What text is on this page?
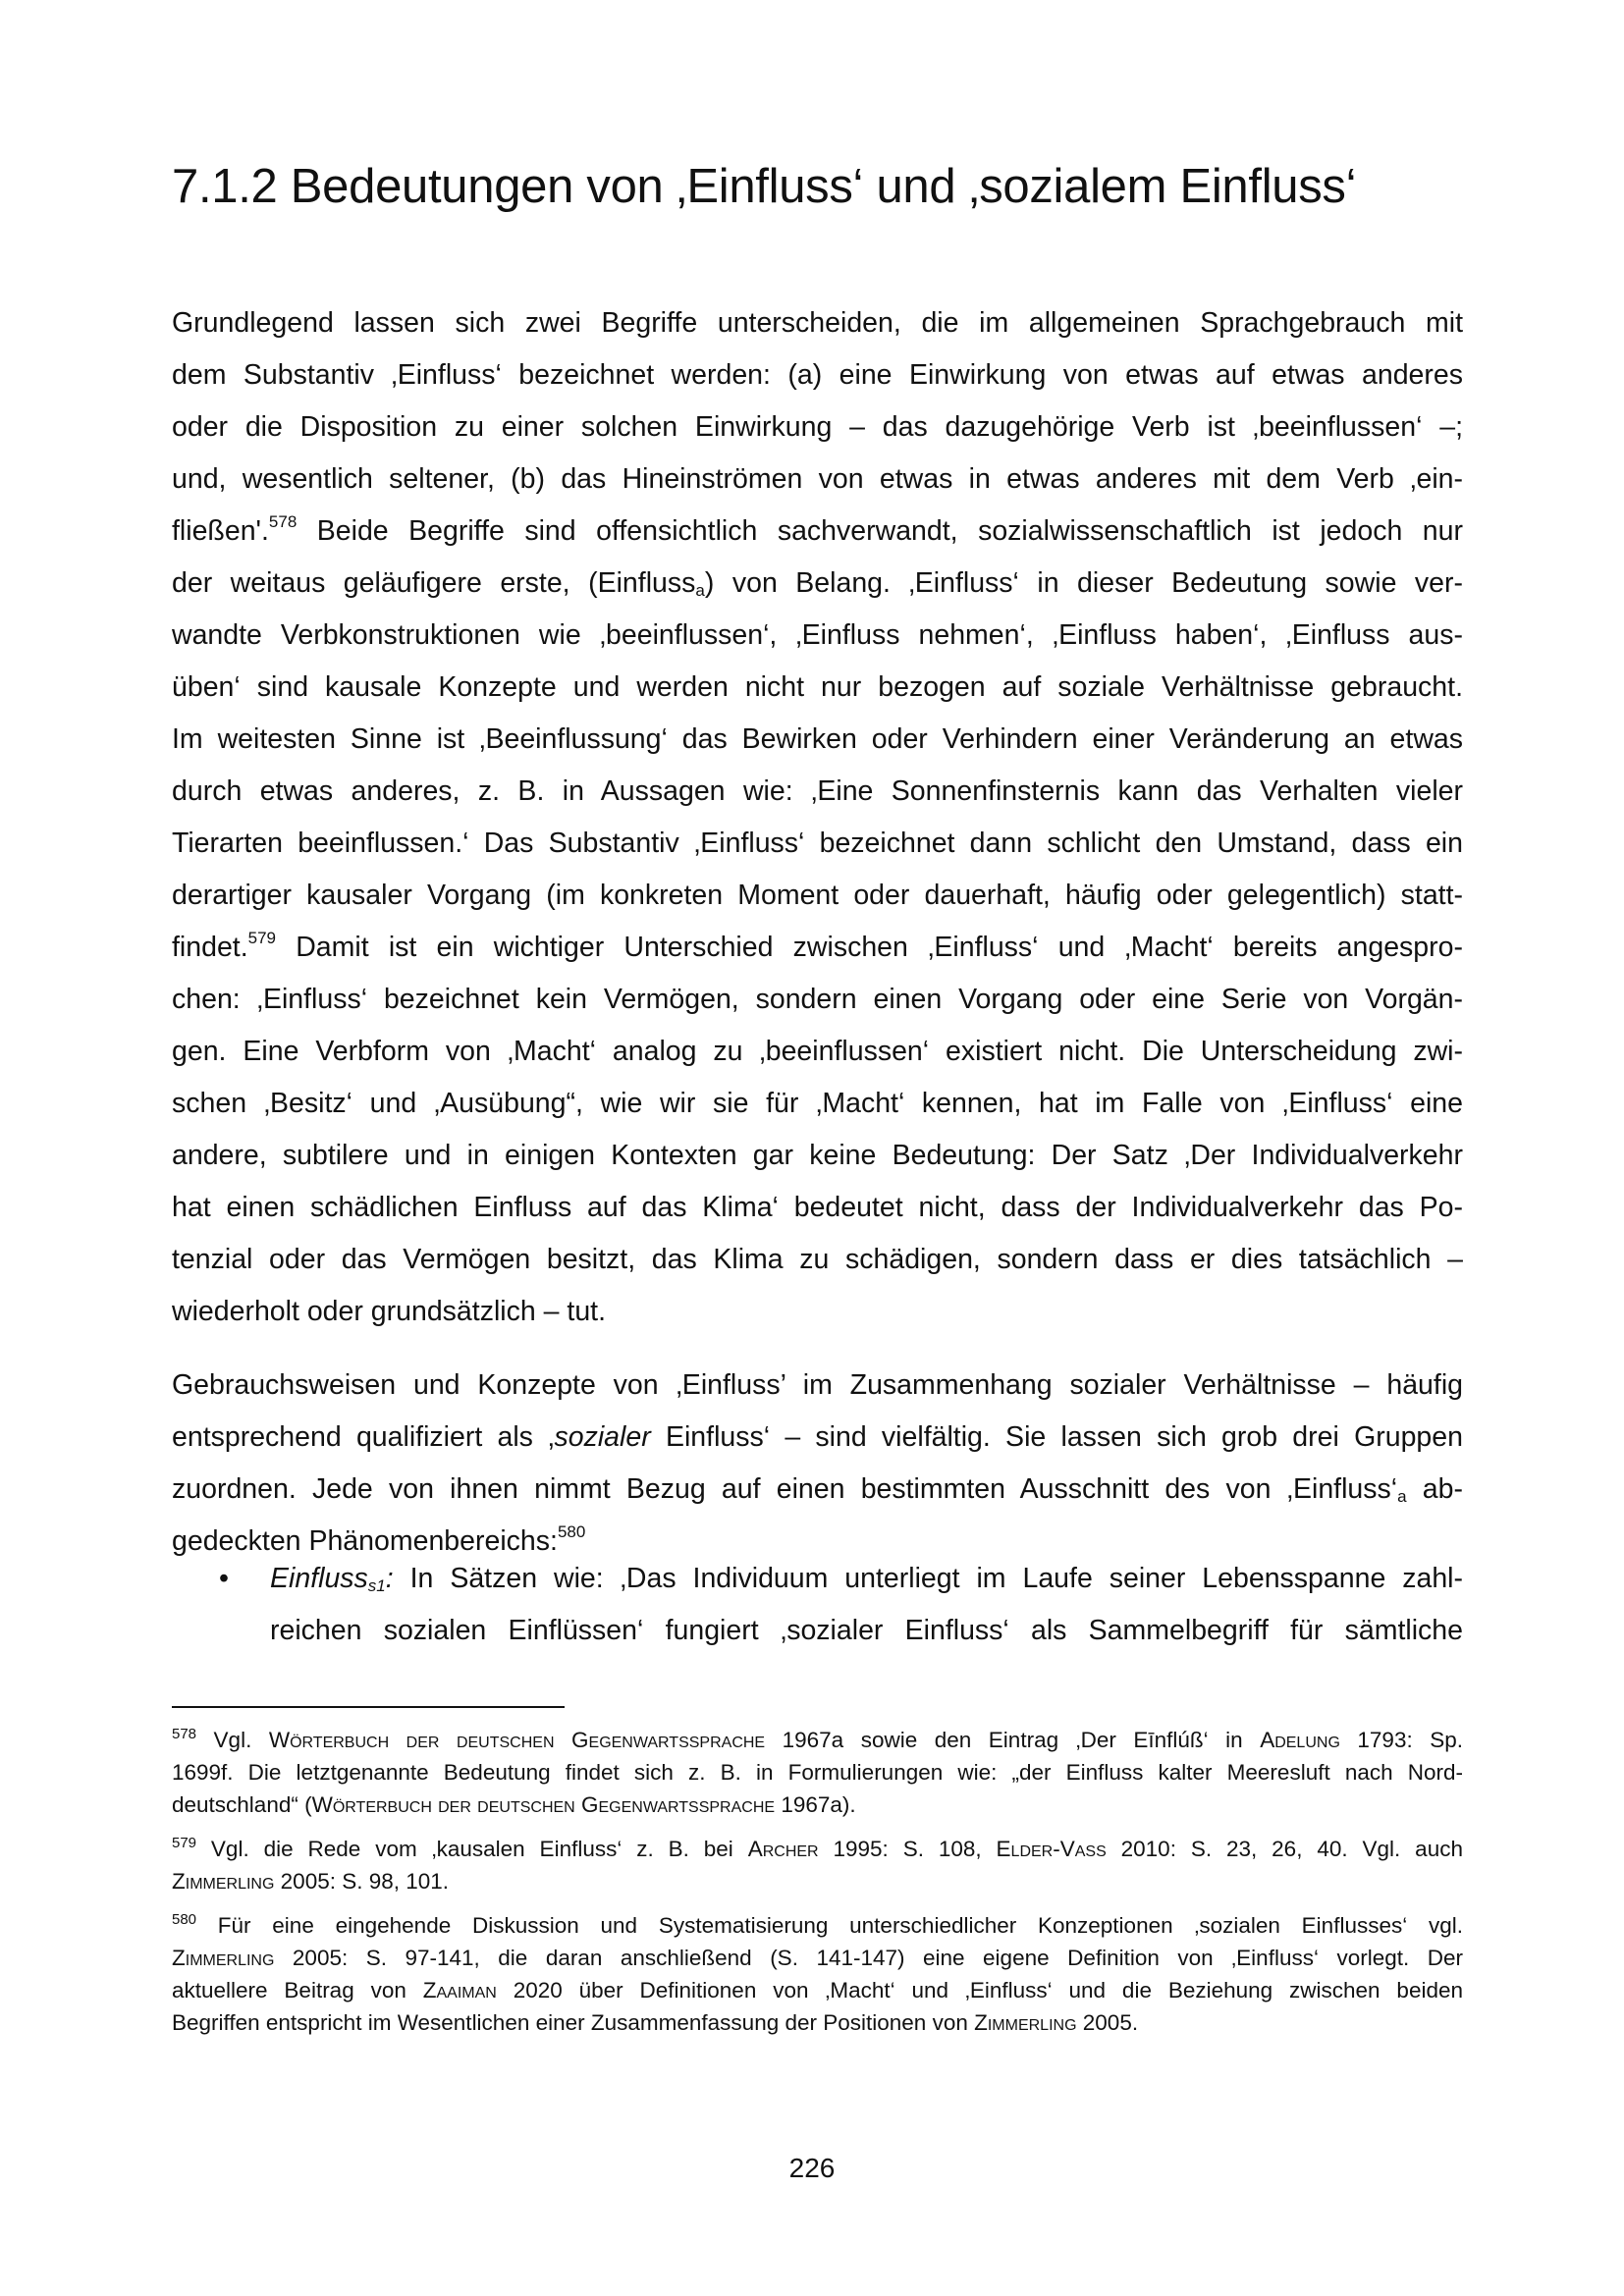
7.1.2 Bedeutungen von ‚Einfluss‘ und ‚sozialem Einfluss‘
Grundlegend lassen sich zwei Begriffe unterscheiden, die im allgemeinen Sprachgebrauch mit
dem Substantiv ‚Einfluss‘ bezeichnet werden: (a) eine Einwirkung von etwas auf etwas anderes
oder die Disposition zu einer solchen Einwirkung – das dazugehörige Verb ist ‚beeinflussen‘ –;
und, wesentlich seltener, (b) das Hineinströmen von etwas in etwas anderes mit dem Verb ‚ein-
fließen'.$^{578}$ Beide Begriffe sind offensichtlich sachverwandt, sozialwissenschaftlich ist jedoch nur
der weitaus geläufigere erste, (Einfluss$_a$) von Belang. ‚Einfluss‘ in dieser Bedeutung sowie ver-
wandte Verbkonstruktionen wie ‚beeinflussen‘, ‚Einfluss nehmen‘, ‚Einfluss haben‘, ‚Einfluss aus-
üben‘ sind kausale Konzepte und werden nicht nur bezogen auf soziale Verhältnisse gebraucht.
Im weitesten Sinne ist ‚Beeinflussung‘ das Bewirken oder Verhindern einer Veränderung an etwas
durch etwas anderes, z. B. in Aussagen wie: ‚Eine Sonnenfinsternis kann das Verhalten vieler
Tierarten beeinflussen.‘ Das Substantiv ‚Einfluss‘ bezeichnet dann schlicht den Umstand, dass ein
derartiger kausaler Vorgang (im konkreten Moment oder dauerhaft, häufig oder gelegentlich) statt-
findet.$^{579}$ Damit ist ein wichtiger Unterschied zwischen ‚Einfluss‘ und ‚Macht‘ bereits angespro-
chen: ‚Einfluss‘ bezeichnet kein Vermögen, sondern einen Vorgang oder eine Serie von Vorgän-
gen. Eine Verbform von ‚Macht‘ analog zu ‚beeinflussen‘ existiert nicht. Die Unterscheidung zwi-
schen ‚Besitz‘ und ‚Ausübung“, wie wir sie für ‚Macht‘ kennen, hat im Falle von ‚Einfluss‘ eine
andere, subtilere und in einigen Kontexten gar keine Bedeutung: Der Satz ‚Der Individualverkehr
hat einen schädlichen Einfluss auf das Klima‘ bedeutet nicht, dass der Individualverkehr das Po-
tenzial oder das Vermögen besitzt, das Klima zu schädigen, sondern dass er dies tatsächlich –
wiederholt oder grundsätzlich – tut.
Gebrauchsweisen und Konzepte von ‚Einfluss’ im Zusammenhang sozialer Verhältnisse – häufig
entsprechend qualifiziert als ‚sozialer Einfluss‘ – sind vielfältig. Sie lassen sich grob drei Gruppen
zuordnen. Jede von ihnen nimmt Bezug auf einen bestimmten Ausschnitt des von $‚Einfluss‘_a$ ab-
gedeckten Phänomenbereichs:$^{580}$
• Einfluss$_{s1}$: In Sätzen wie: ‚Das Individuum unterliegt im Laufe seiner Lebensspanne zahl-
reichen sozialen Einflüssen‘ fungiert ‚sozialer Einfluss‘ als Sammelbegriff für sämtliche
$^{578}$ Vgl. Wörterbuch der deutschen Gegenwartssprache 1967a sowie den Eintrag ‚Der Eīnflúß‘ in Adelung 1793: Sp.
1699f. Die letztgenannte Bedeutung findet sich z. B. in Formulierungen wie: „der Einfluss kalter Meeresluft nach Nord-
deutschland“ (Wörterbuch der deutschen Gegenwartssprache 1967a).
$^{579}$ Vgl. die Rede vom ‚kausalen Einfluss‘ z. B. bei Archer 1995: S. 108, Elder-Vass 2010: S. 23, 26, 40. Vgl. auch
Zimmerling 2005: S. 98, 101.
$^{580}$ Für eine eingehende Diskussion und Systematisierung unterschiedlicher Konzeptionen ‚sozialen Einflusses‘ vgl.
Zimmerling 2005: S. 97-141, die daran anschließend (S. 141-147) eine eigene Definition von ‚Einfluss‘ vorlegt. Der
aktuellere Beitrag von Zaaiman 2020 über Definitionen von ‚Macht‘ und ‚Einfluss‘ und die Beziehung zwischen beiden
Begriffen entspricht im Wesentlichen einer Zusammenfassung der Positionen von Zimmerling 2005.
226
